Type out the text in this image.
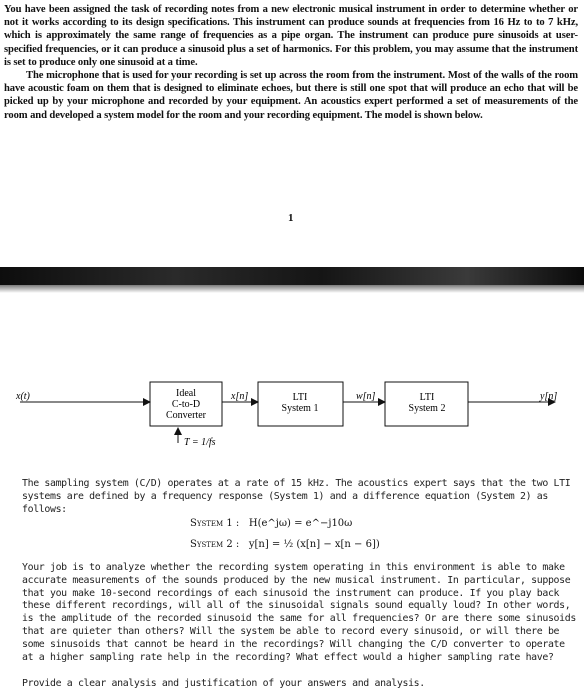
You have been assigned the task of recording notes from a new electronic musical instrument in order to determine whether or not it works according to its design specifications. This instrument can produce sounds at frequencies from 16 Hz to to 7 kHz, which is approximately the same range of frequencies as a pipe organ. The instrument can produce pure sinusoids at user-specified frequencies, or it can produce a sinusoid plus a set of harmonics. For this problem, you may assume that the instrument is set to produce only one sinusoid at a time.

The microphone that is used for your recording is set up across the room from the instrument. Most of the walls of the room have acoustic foam on them that is designed to eliminate echoes, but there is still one spot that will produce an echo that will be picked up by your microphone and recorded by your equipment. An acoustics expert performed a set of measurements of the room and developed a system model for the room and your recording equipment. The model is shown below.

1
x(t)	Ideal
C-to-D
Converter
x[n]	LTI
System 1
w[n]	LTI
System 2
y[n]
T = 1/fs

The sampling system (C/D) operates at a rate of 15 kHz. The acoustics expert says that the two LTI systems are defined by a frequency response (System 1) and a difference equation (System 2) as follows:

System 1 : H(e^jω) = e^−j10ω
System 2 : y[n] = ½ (x[n] − x[n − 6])

Your job is to analyze whether the recording system operating in this environment is able to make accurate measurements of the sounds produced by the new musical instrument. In particular, suppose that you make 10-second recordings of each sinusoid the instrument can produce. If you play back these different recordings, will all of the sinusoidal signals sound equally loud? In other words, is the amplitude of the recorded sinusoid the same for all frequencies? Or are there some sinusoids that are quieter than others? Will the system be able to record every sinusoid, or will there be some sinusoids that cannot be heard in the recordings? Will changing the C/D converter to operate at a higher sampling rate help in the recording? What effect would a higher sampling rate have?

Provide a clear analysis and justification of your answers and analysis.
